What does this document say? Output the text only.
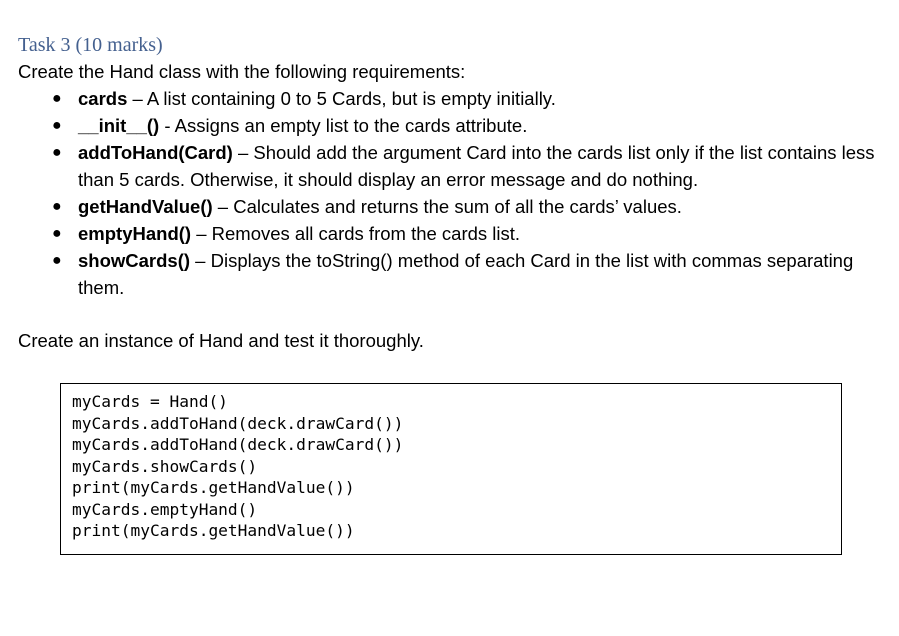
Task 3 (10 marks)

Create the Hand class with the following requirements:

● cards – A list containing 0 to 5 Cards, but is empty initially.
● __init__() - Assigns an empty list to the cards attribute.
● addToHand(Card) – Should add the argument Card into the cards list only if the list contains less than 5 cards. Otherwise, it should display an error message and do nothing.
● getHandValue() – Calculates and returns the sum of all the cards’ values.
● emptyHand() – Removes all cards from the cards list.
● showCards() – Displays the toString() method of each Card in the list with commas separating them.

Create an instance of Hand and test it thoroughly.

myCards = Hand()
myCards.addToHand(deck.drawCard())
myCards.addToHand(deck.drawCard())
myCards.showCards()
print(myCards.getHandValue())
myCards.emptyHand()
print(myCards.getHandValue())
